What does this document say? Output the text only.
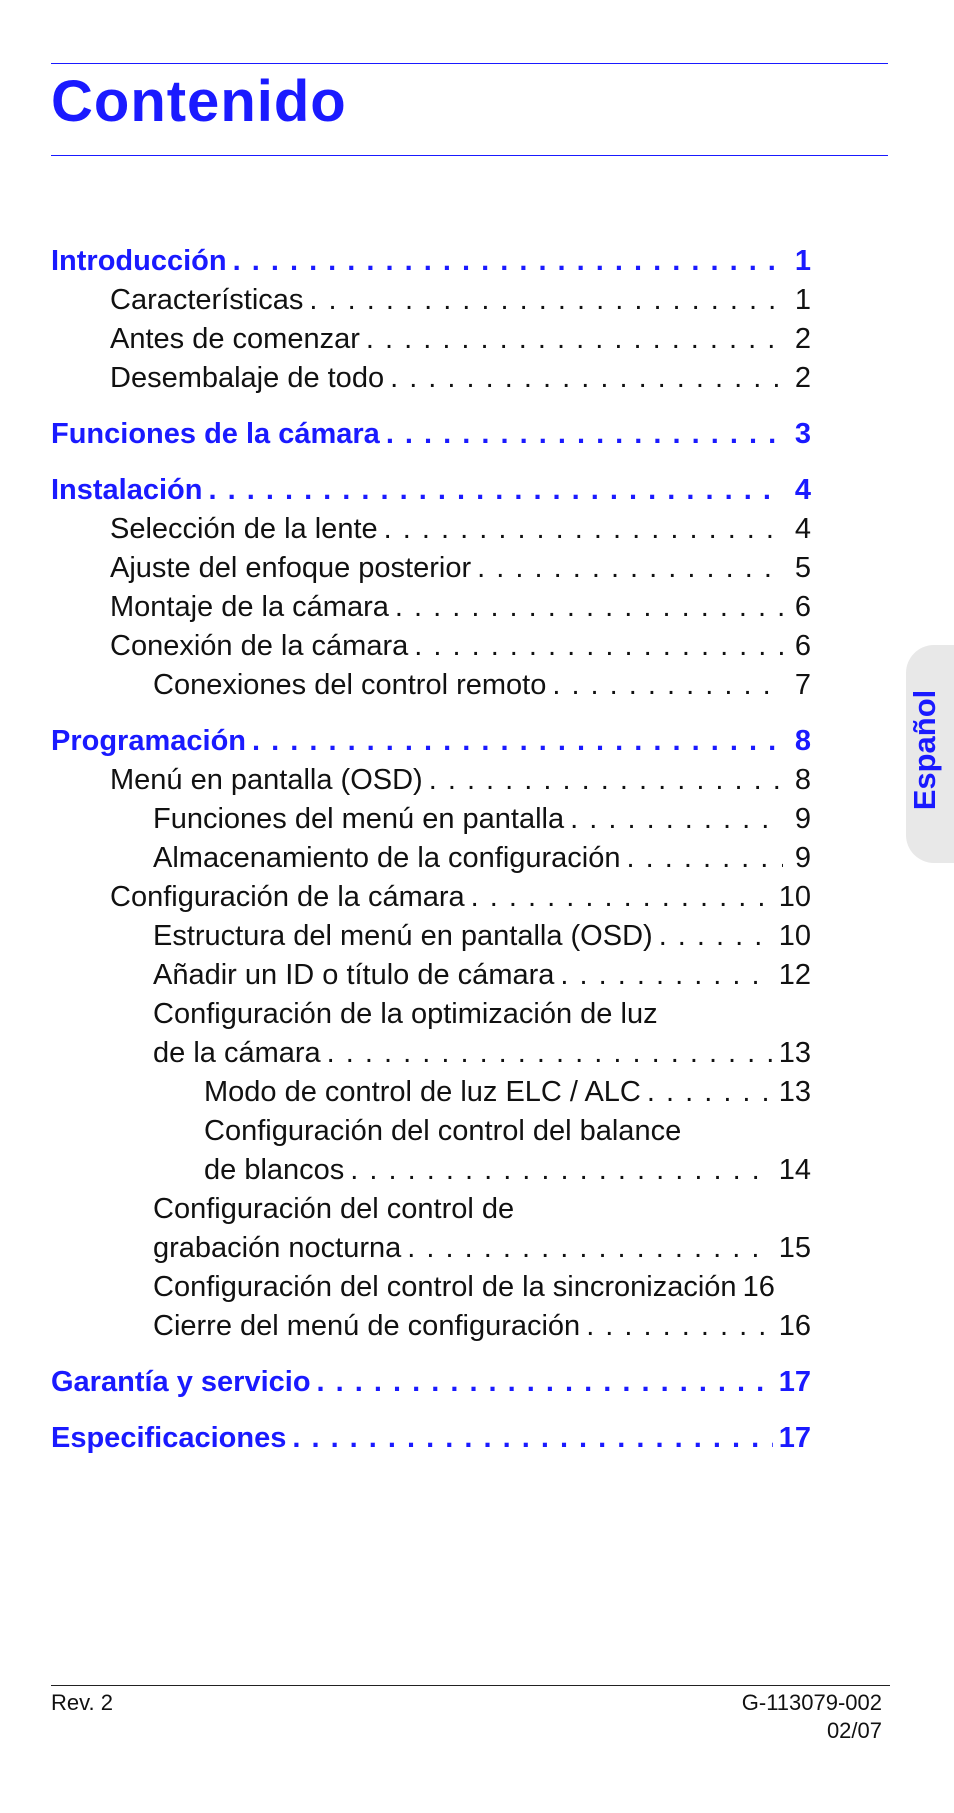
Contenido
Introducción . . .	1
Características . . .	1
Antes de comenzar . . .	2
Desembalaje de todo . . .	2
Funciones de la cámara . . .	3
Instalación . . .	4
Selección de la lente . . .	4
Ajuste del enfoque posterior . . .	5
Montaje de la cámara . . .	6
Conexión de la cámara . . .	6
Conexiones del control remoto . . .	7
Programación . . .	8
Menú en pantalla (OSD) . . .	8
Funciones del menú en pantalla . . .	9
Almacenamiento de la configuración . . .	9
Configuración de la cámara . . .	10
Estructura del menú en pantalla (OSD) . . .	10
Añadir un ID o título de cámara . . .	12
Configuración de la optimización de luz
de la cámara . . .	13
Modo de control de luz ELC / ALC . . .	13
Configuración del control del balance
de blancos . . .	14
Configuración del control de
grabación nocturna . . .	15
Configuración del control de la sincronización 16
Cierre del menú de configuración . . .	16
Garantía y servicio . . .	17
Especificaciones . . .	17
Español
Rev. 2	G-113079-002
02/07
